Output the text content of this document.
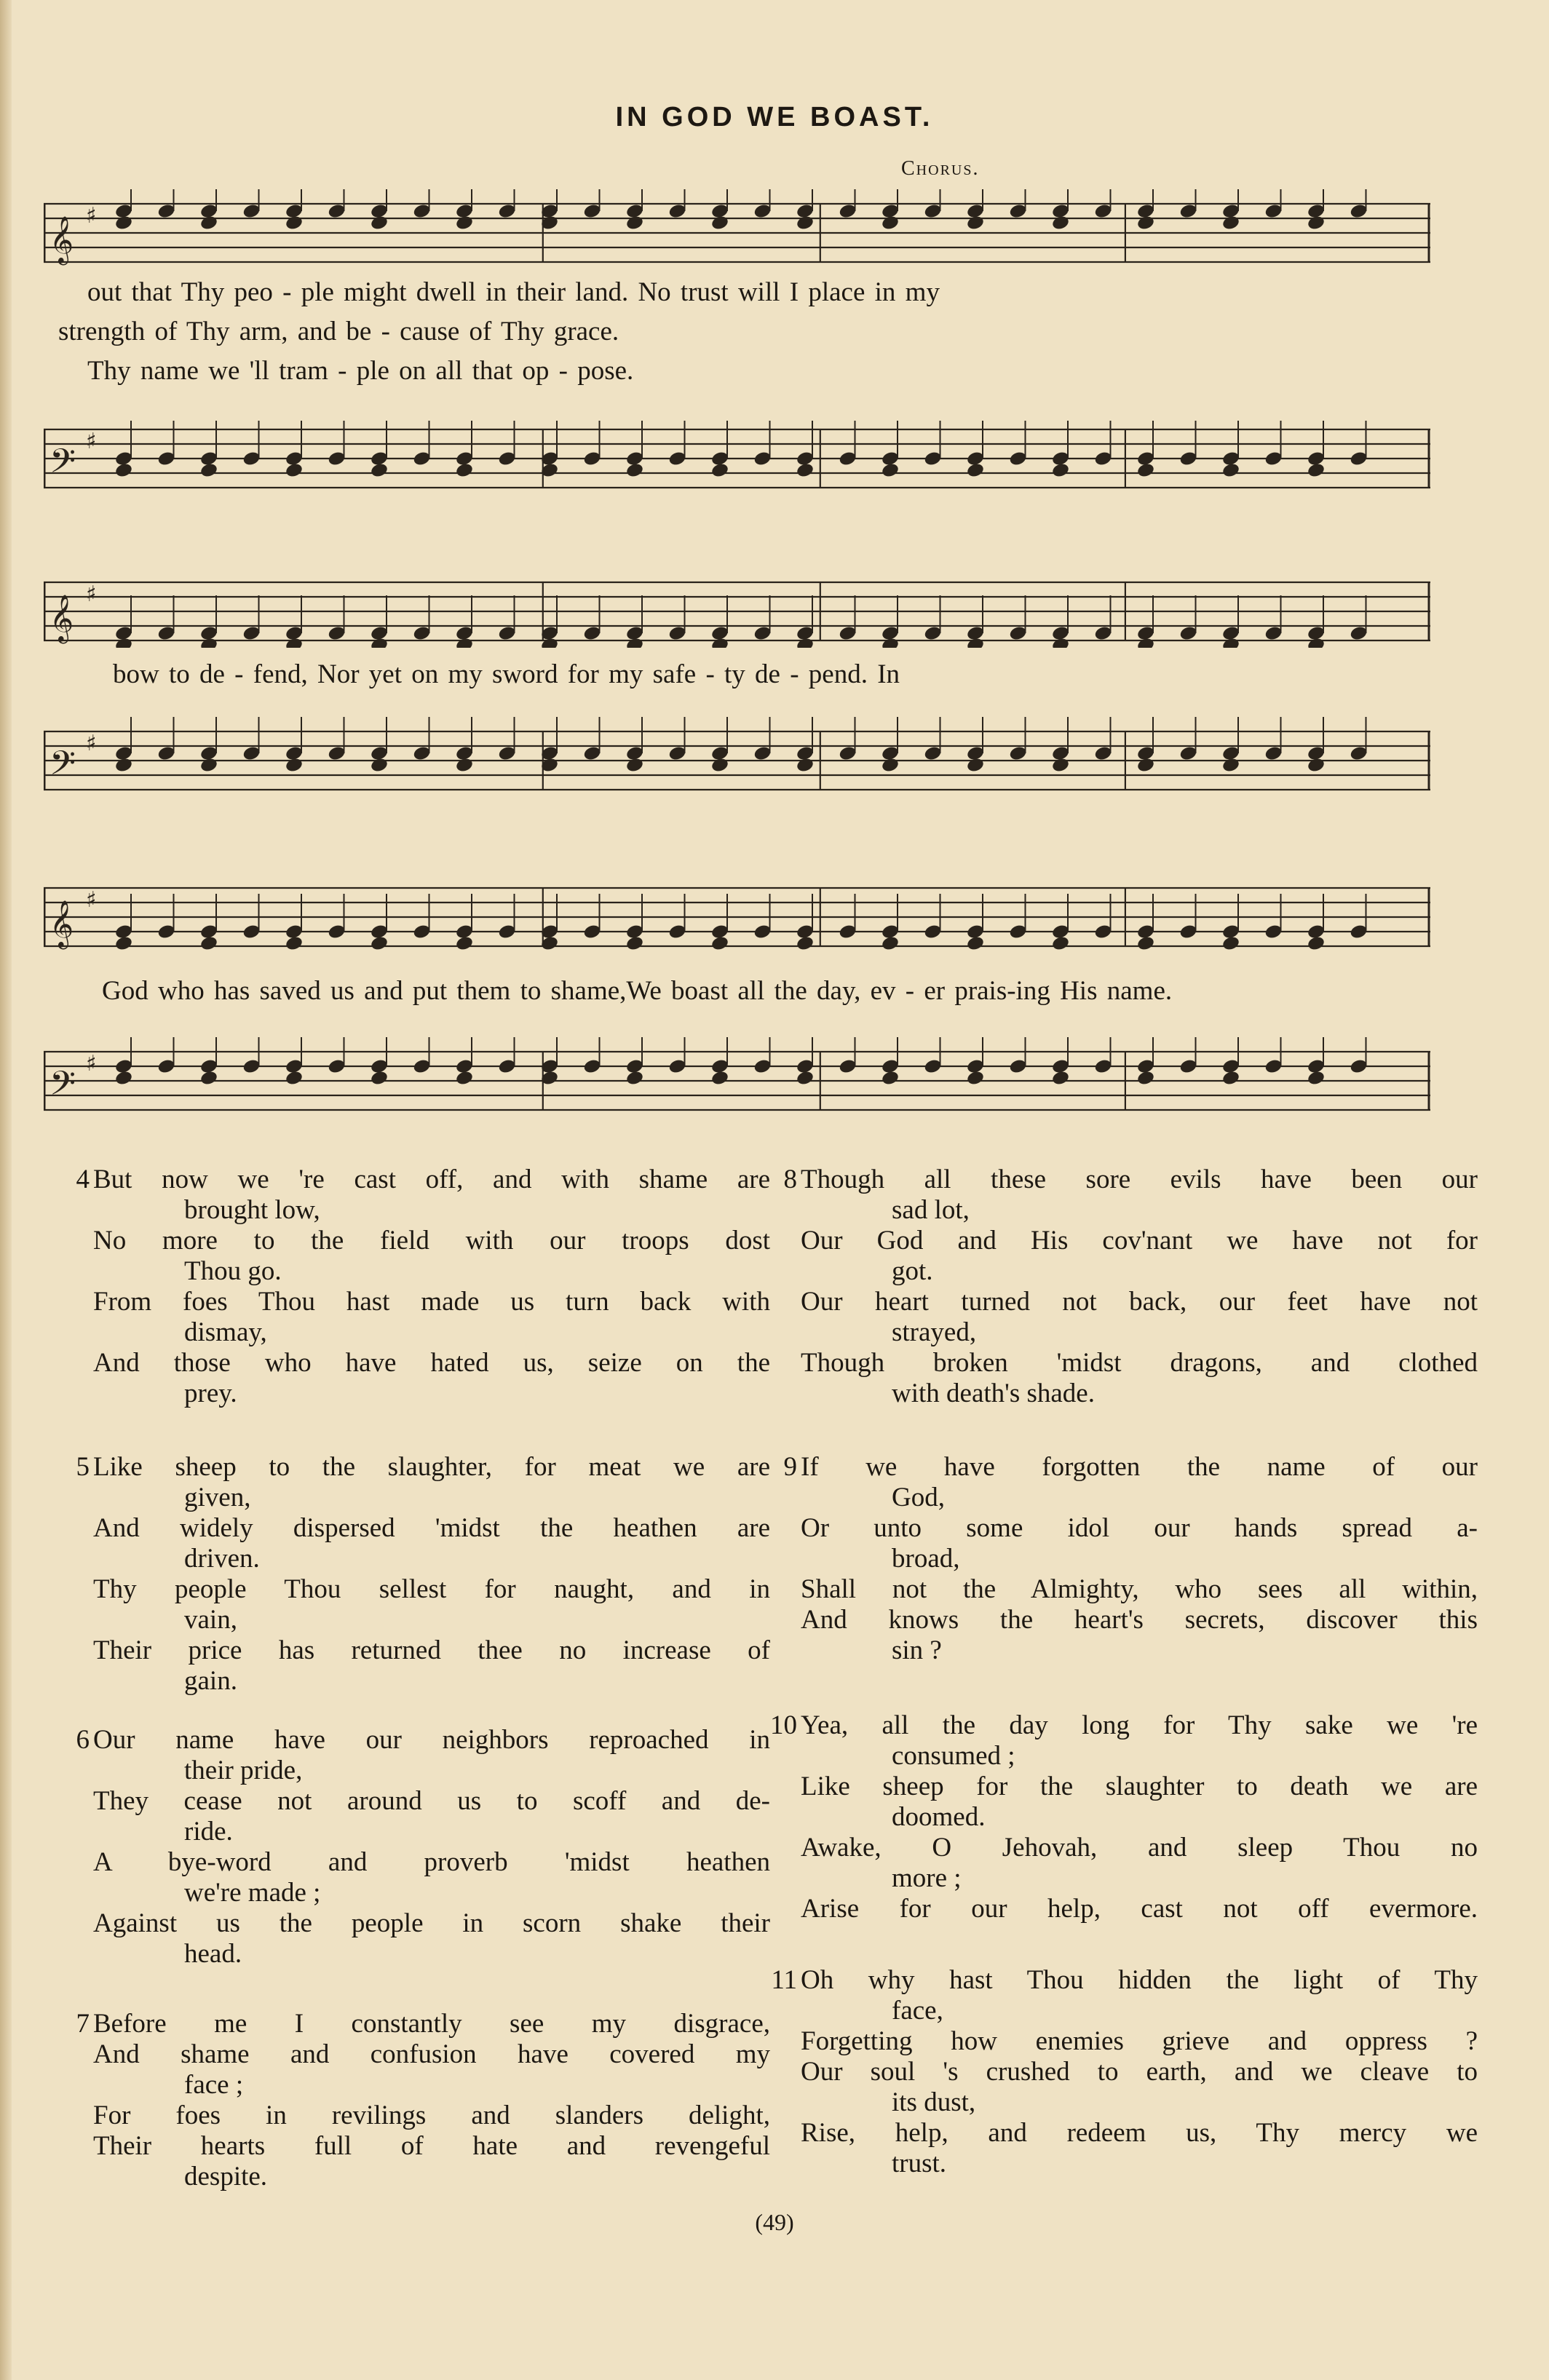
IN GOD WE BOAST.
Chorus.
𝄞
♯
out that Thy peo - ple might dwell in their land. No trust will I place in my
strength of Thy arm, and be - cause of Thy grace.
Thy name we 'll tram - ple on all that op - pose.
𝄢
♯
𝄞
♯
bow to de - fend, Nor yet on my sword for my safe - ty de - pend. In
𝄢
♯
𝄞
♯
God who has saved us and put them to shame,We boast all the day, ev - er prais-ing His name.
𝄢
♯
4 But now we 're cast off, and with shame are
brought low,
No more to the field with our troops dost
Thou go.
From foes Thou hast made us turn back with
dismay,
And those who have hated us, seize on the
prey.
5 Like sheep to the slaughter, for meat we are
given,
And widely dispersed 'midst the heathen are
driven.
Thy people Thou sellest for naught, and in
vain,
Their price has returned thee no increase of
gain.
6 Our name have our neighbors reproached in
their pride,
They cease not around us to scoff and de-
ride.
A bye-word and proverb 'midst heathen
we're made ;
Against us the people in scorn shake their
head.
7 Before me I constantly see my disgrace,
And shame and confusion have covered my
face ;
For foes in revilings and slanders delight,
Their hearts full of hate and revengeful
despite.
8 Though all these sore evils have been our
sad lot,
Our God and His cov'nant we have not for
got.
Our heart turned not back, our feet have not
strayed,
Though broken 'midst dragons, and clothed
with death's shade.
9 If we have forgotten the name of our
God,
Or unto some idol our hands spread a-
broad,
Shall not the Almighty, who sees all within,
And knows the heart's secrets, discover this
sin ?
10 Yea, all the day long for Thy sake we 're
consumed ;
Like sheep for the slaughter to death we are
doomed.
Awake, O Jehovah, and sleep Thou no
more ;
Arise for our help, cast not off evermore.
11 Oh why hast Thou hidden the light of Thy
face,
Forgetting how enemies grieve and oppress ?
Our soul 's crushed to earth, and we cleave to
its dust,
Rise, help, and redeem us, Thy mercy we
trust.
(49)
